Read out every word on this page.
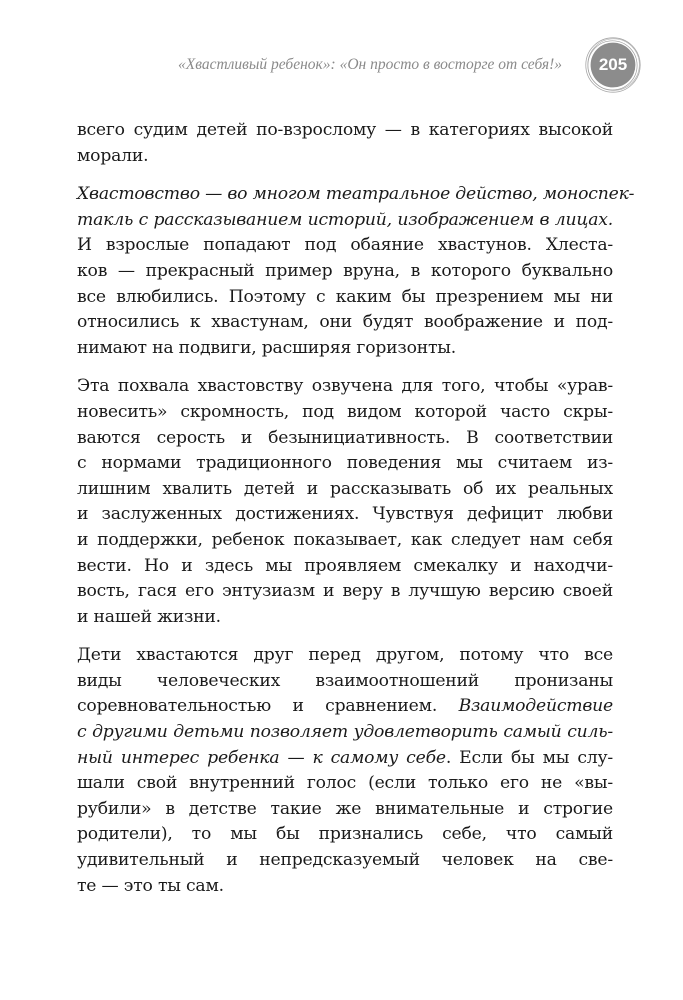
«Хвастливый ребенок»: «Он просто в восторге от себя!»	205
всего судим детей по-взрослому — в категориях высокой
морали.
Хвастовство — во многом театральное действо, моноспек-
такль с рассказыванием историй, изображением в лицах.
И взрослые попадают под обаяние хвастунов. Хлеста-
ков — прекрасный пример вруна, в которого буквально
все влюбились. Поэтому с каким бы презрением мы ни
относились к хвастунам, они будят воображение и под-
нимают на подвиги, расширяя горизонты.
Эта похвала хвастовству озвучена для того, чтобы «урав-
новесить» скромность, под видом которой часто скры-
ваются серость и безынициативность. В соответствии
с нормами традиционного поведения мы считаем из-
лишним хвалить детей и рассказывать об их реальных
и заслуженных достижениях. Чувствуя дефицит любви
и поддержки, ребенок показывает, как следует нам себя
вести. Но и здесь мы проявляем смекалку и находчи-
вость, гася его энтузиазм и веру в лучшую версию своей
и нашей жизни.
Дети хвастаются друг перед другом, потому что все
виды человеческих взаимоотношений пронизаны
соревновательностью и сравнением. Взаимодействие
с другими детьми позволяет удовлетворить самый силь-
ный интерес ребенка — к самому себе. Если бы мы слу-
шали свой внутренний голос (если только его не «вы-
рубили» в детстве такие же внимательные и строгие
родители), то мы бы признались себе, что самый
удивительный и непредсказуемый человек на све-
те — это ты сам.
